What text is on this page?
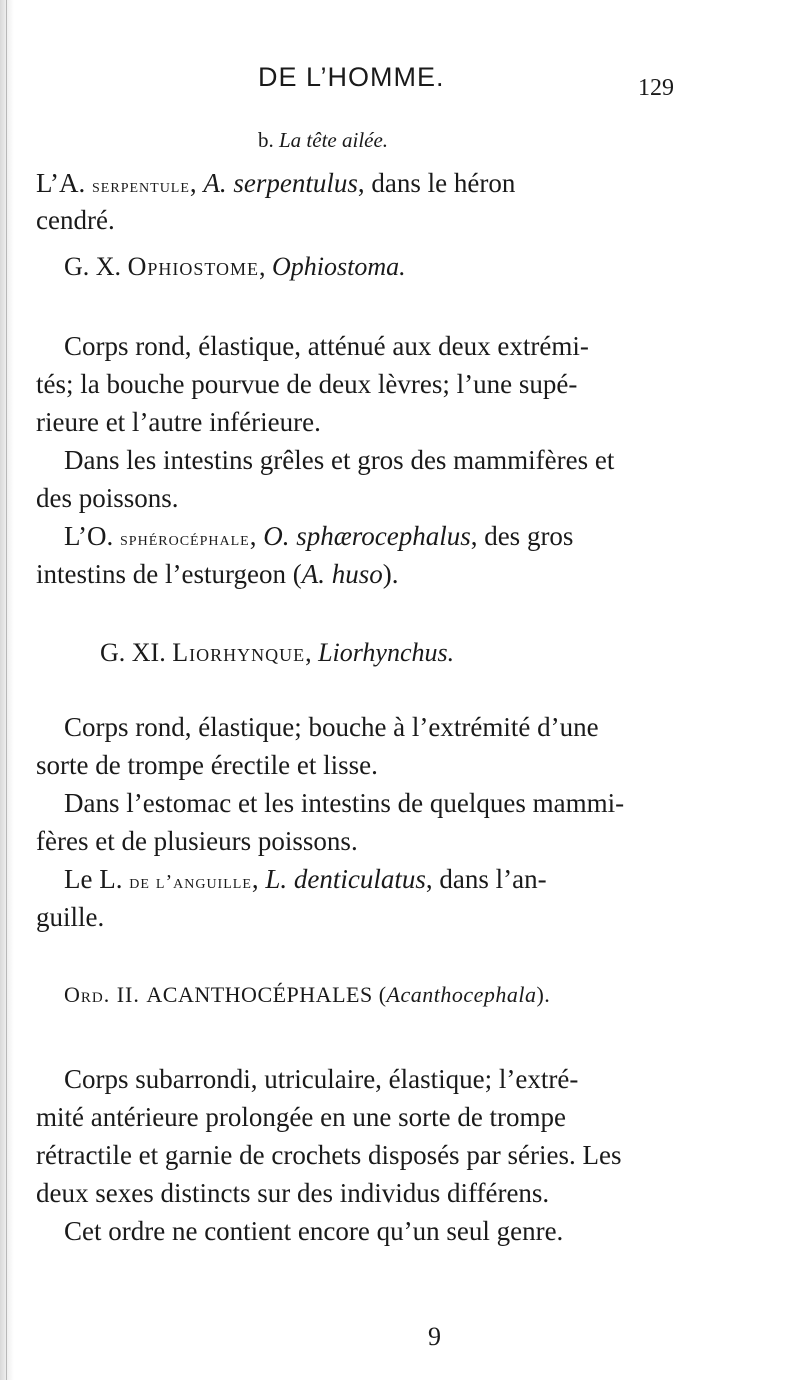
DE L’HOMME.	129
b. La tête ailée.
L’A. serpentule, A. serpentulus, dans le héron
cendré.
G. X. Ophiostome, Ophiostoma.
Corps rond, élastique, atténué aux deux extrémi-
tés; la bouche pourvue de deux lèvres; l’une supé-
rieure et l’autre inférieure.
Dans les intestins grêles et gros des mammifères et
des poissons.
L’O. sphérocéphale, O. sphærocephalus, des gros
intestins de l’esturgeon (A. huso).
G. XI. Liorhynque, Liorhynchus.
Corps rond, élastique; bouche à l’extrémité d’une
sorte de trompe érectile et lisse.
Dans l’estomac et les intestins de quelques mammi-
fères et de plusieurs poissons.
Le L. de l’anguille, L. denticulatus, dans l’an-
guille.
Ord. II. ACANTHOCÉPHALES (Acanthocephala).
Corps subarrondi, utriculaire, élastique; l’extré-
mité antérieure prolongée en une sorte de trompe
rétractile et garnie de crochets disposés par séries. Les
deux sexes distincts sur des individus différens.
Cet ordre ne contient encore qu’un seul genre.
9
